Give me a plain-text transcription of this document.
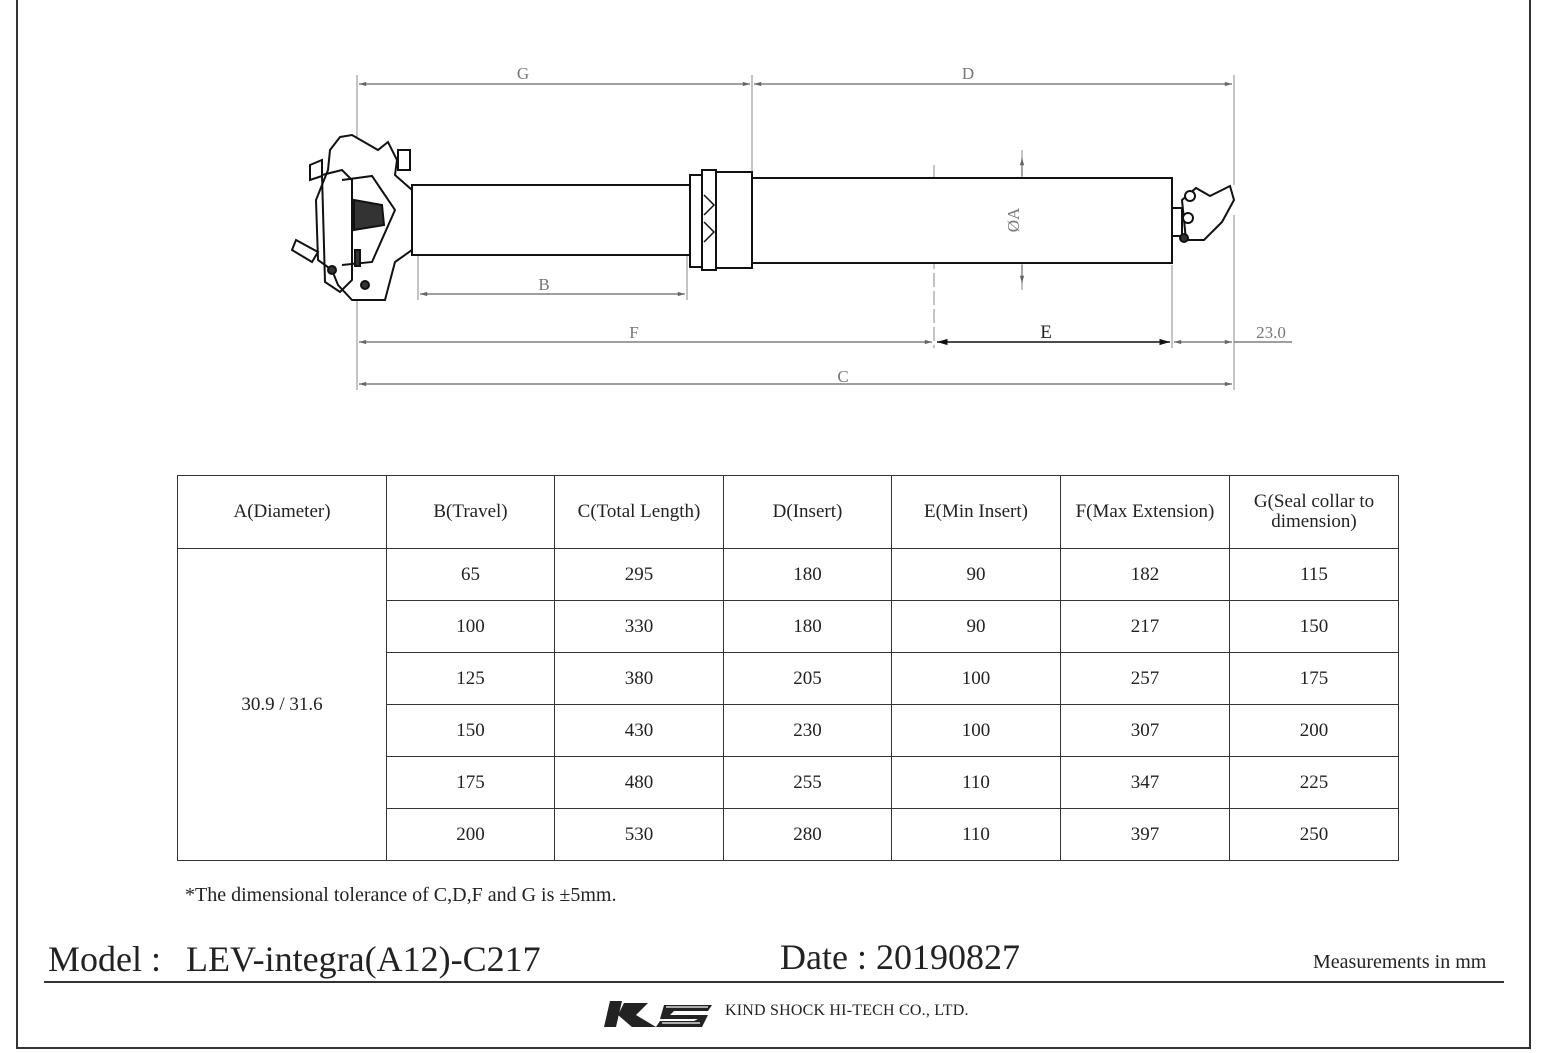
G	D
B
F	E	23.0
C
ØA
A(Diameter)	B(Travel)	C(Total Length)	D(Insert)	E(Min Insert)	F(Max Extension)	G(Seal collar to dimension)
30.9 / 31.6	65	295	180	90	182	115
	100	330	180	90	217	150
	125	380	205	100	257	175
	150	430	230	100	307	200
	175	480	255	110	347	225
	200	530	280	110	397	250
*The dimensional tolerance of C,D,F and G is ±5mm.
Model : LEV-integra(A12)-C217	Date : 20190827	Measurements in mm
KIND SHOCK HI-TECH CO., LTD.
